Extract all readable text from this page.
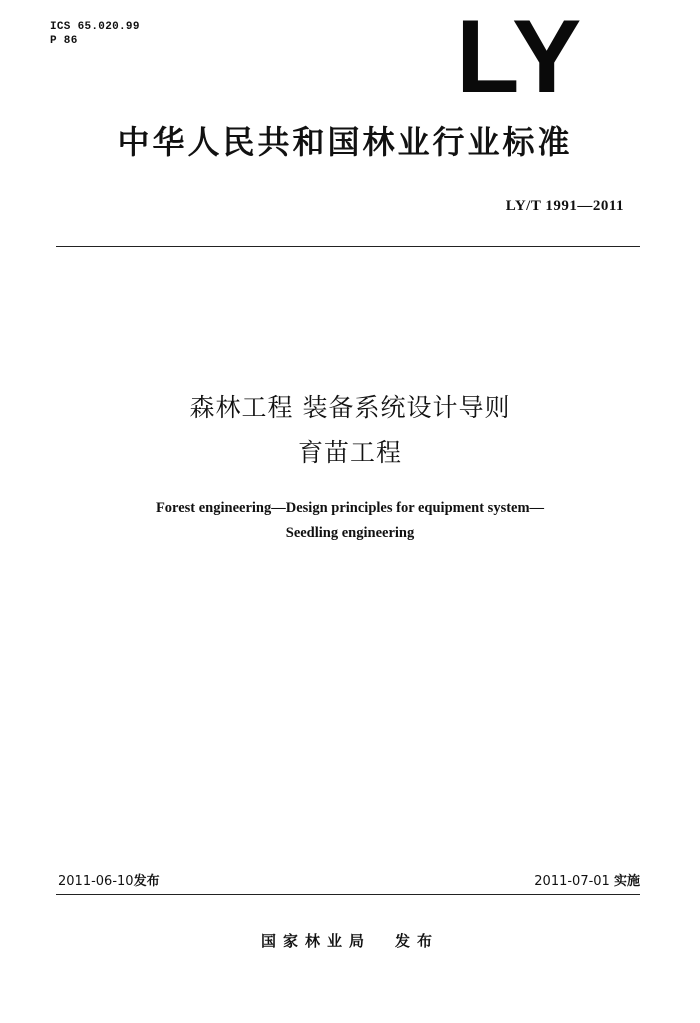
ICS 65.020.99
P 86	LY
中华人民共和国林业行业标准
LY/T 1991—2011
森林工程 装备系统设计导则
育苗工程
Forest engineering—Design principles for equipment system—
Seedling engineering
2011-06-10发布	2011-07-01 实施
国家林业局 发布
